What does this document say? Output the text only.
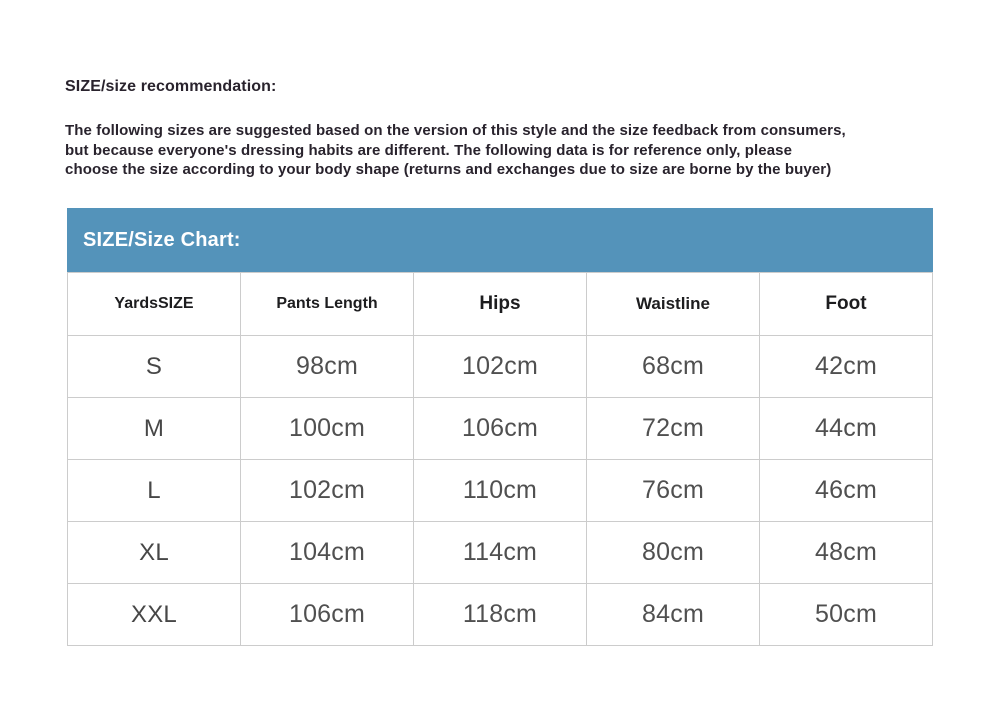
SIZE/size recommendation:
The following sizes are suggested based on the version of this style and the size feedback from consumers,
but because everyone's dressing habits are different. The following data is for reference only, please
choose the size according to your body shape (returns and exchanges due to size are borne by the buyer)
SIZE/Size Chart:
YardsSIZE	Pants Length	Hips	Waistline	Foot
S	98cm	102cm	68cm	42cm
M	100cm	106cm	72cm	44cm
L	102cm	110cm	76cm	46cm
XL	104cm	114cm	80cm	48cm
XXL	106cm	118cm	84cm	50cm
